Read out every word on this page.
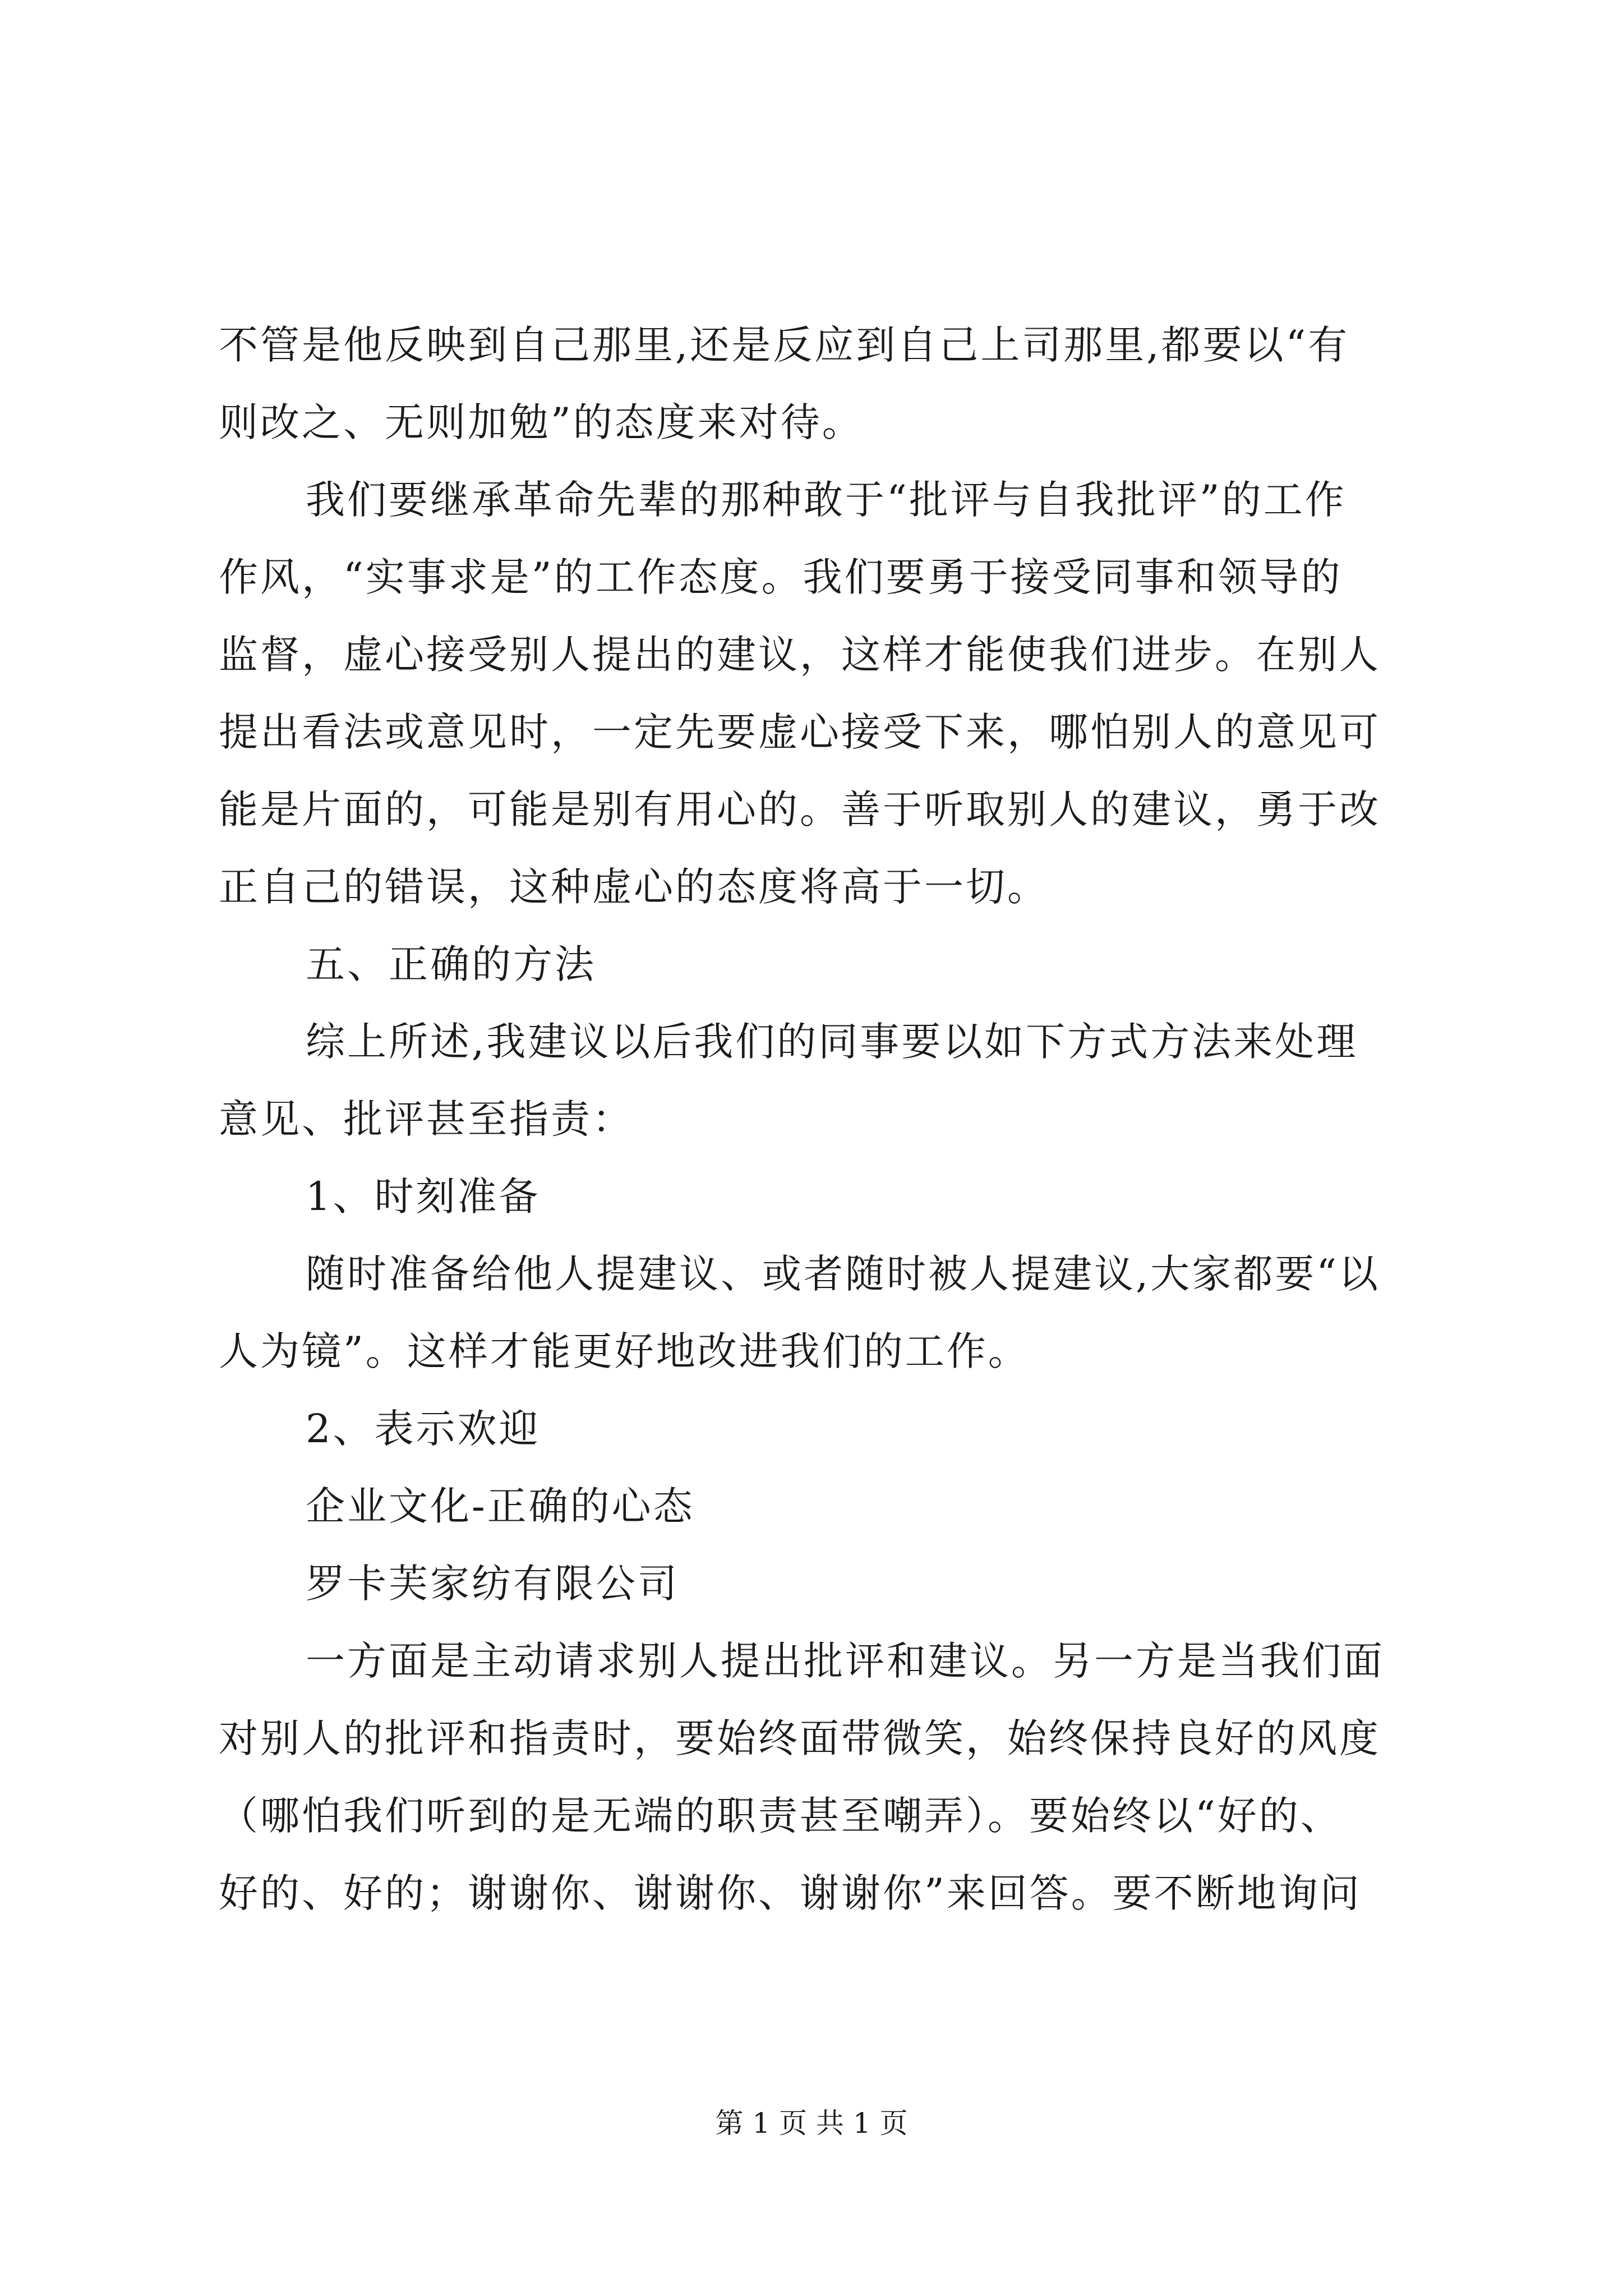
不管是他反映到自己那里,还是反应到自己上司那里,都要以“有
则改之、无则加勉”的态度来对待。
我们要继承革命先辈的那种敢于“批评与自我批评”的工作
作风，“实事求是”的工作态度。我们要勇于接受同事和领导的
监督，虚心接受别人提出的建议，这样才能使我们进步。在别人
提出看法或意见时，一定先要虚心接受下来，哪怕别人的意见可
能是片面的，可能是别有用心的。善于听取别人的建议，勇于改
正自己的错误，这种虚心的态度将高于一切。
五、正确的方法
综上所述,我建议以后我们的同事要以如下方式方法来处理
意见、批评甚至指责：
1、时刻准备
随时准备给他人提建议、或者随时被人提建议,大家都要“以
人为镜”。这样才能更好地改进我们的工作。
2、表示欢迎
企业文化-正确的心态
罗卡芙家纺有限公司
一方面是主动请求别人提出批评和建议。另一方是当我们面
对别人的批评和指责时，要始终面带微笑，始终保持良好的风度
（哪怕我们听到的是无端的职责甚至嘲弄）。要始终以“好的、
好的、好的；谢谢你、谢谢你、谢谢你”来回答。要不断地询问
第 1 页 共 1 页
